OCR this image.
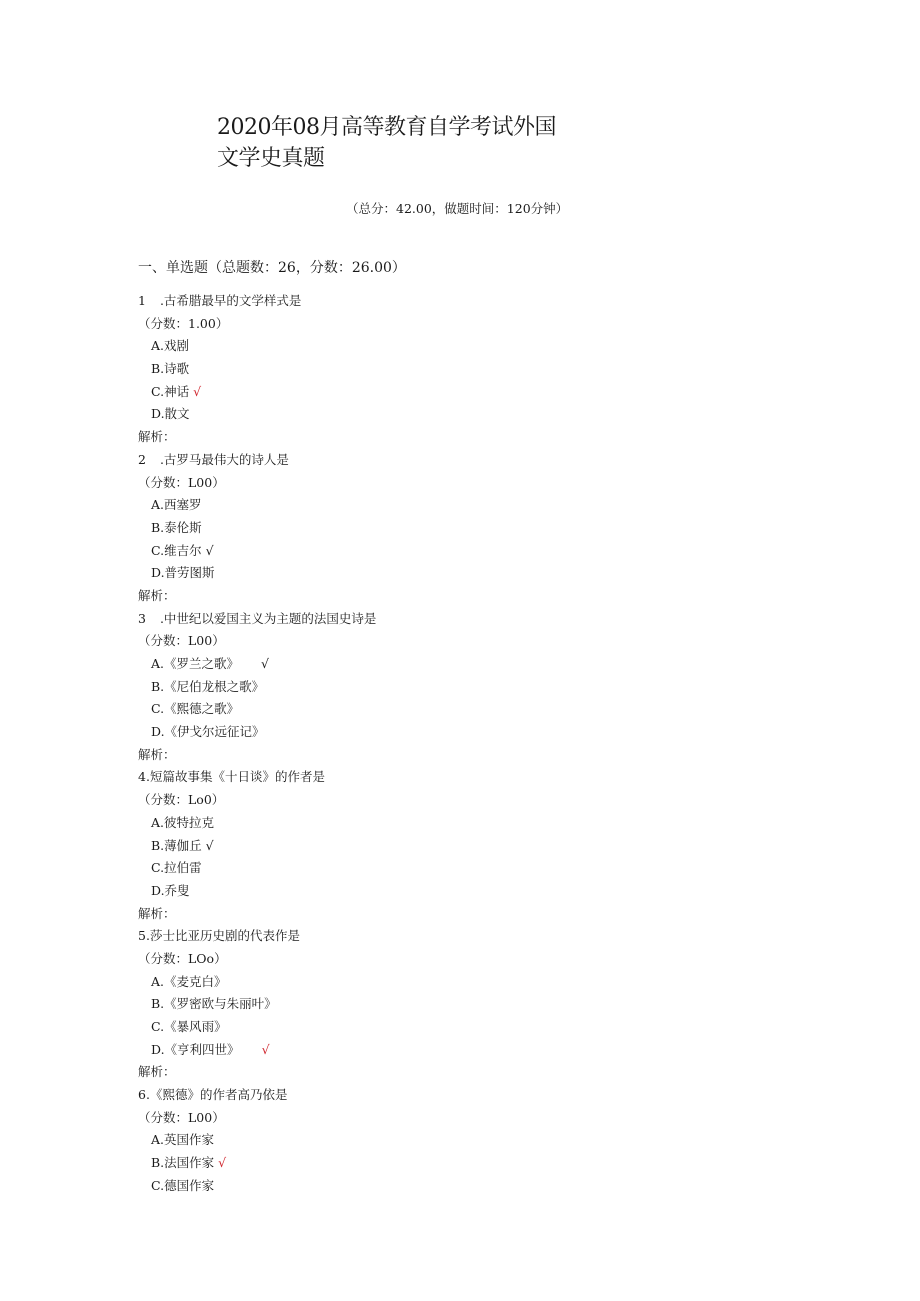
2020年08月高等教育自学考试外国文学史真题
（总分：42.00，做题时间：120分钟）
一、单选题（总题数：26，分数：26.00）
1 .古希腊最早的文学样式是
（分数：1.00）
A.戏剧
B.诗歌
C.神话 √
D.散文
解析：
2 .古罗马最伟大的诗人是
（分数：L00）
A.西塞罗
B.泰伦斯
C.维吉尔 √
D.普劳图斯
解析：
3 .中世纪以爱国主义为主题的法国史诗是
（分数：L00）
A.《罗兰之歌》 √
B.《尼伯龙根之歌》
C.《熙德之歌》
D.《伊戈尔远征记》
解析：
4.短篇故事集《十日谈》的作者是
（分数：Lo0）
A.彼特拉克
B.薄伽丘 √
C.拉伯雷
D.乔叟
解析：
5.莎士比亚历史剧的代表作是
（分数：LOo）
A.《麦克白》
B.《罗密欧与朱丽叶》
C.《暴风雨》
D.《亨利四世》 √
解析：
6.《熙德》的作者高乃依是
（分数：L00）
A.英国作家
B.法国作家 √
C.德国作家
